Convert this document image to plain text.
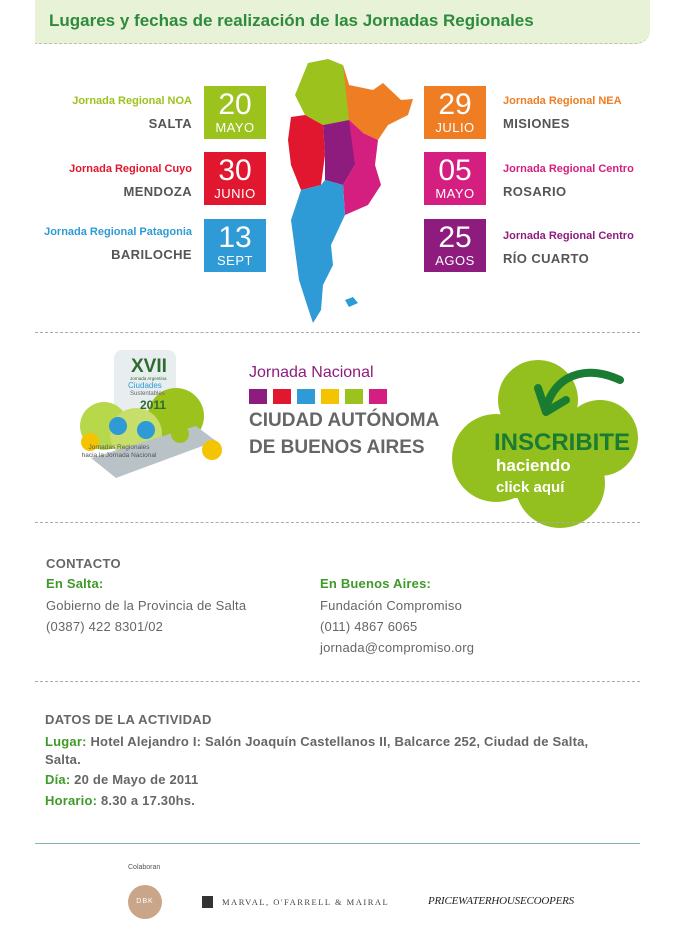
Lugares y fechas de realización de las Jornadas Regionales
Jornada Regional NOA
SALTA
20
MAYO
Jornada Regional Cuyo
MENDOZA
30
JUNIO
Jornada Regional Patagonia
BARILOCHE
13
SEPT
29
JULIO
Jornada Regional NEA
MISIONES
05
MAYO
Jornada Regional Centro
ROSARIO
25
AGOS
Jornada Regional Centro
RÍO CUARTO
XVII
Jornada Argentina
Ciudades
Sustentables
2011
Jornadas Regionales hacia la Jornada Nacional
Jornada Nacional
CIUDAD AUTÓNOMA
DE BUENOS AIRES	INSCRIBITE
haciendo
click aquí
CONTACTO
En Salta:
Gobierno de la Provincia de Salta
(0387) 422 8301/02
En Buenos Aires:
Fundación Compromiso
(011) 4867 6065
jornada@compromiso.org
DATOS DE LA ACTIVIDAD
Lugar: Hotel Alejandro I: Salón Joaquín Castellanos II, Balcarce 252, Ciudad de Salta,
Salta.
Día: 20 de Mayo de 2011
Horario: 8.30 a 17.30hs.
Colaboran
DBK	MARVAL, O'FARRELL & MAIRAL	PRICEWATERHOUSECOOPERS
